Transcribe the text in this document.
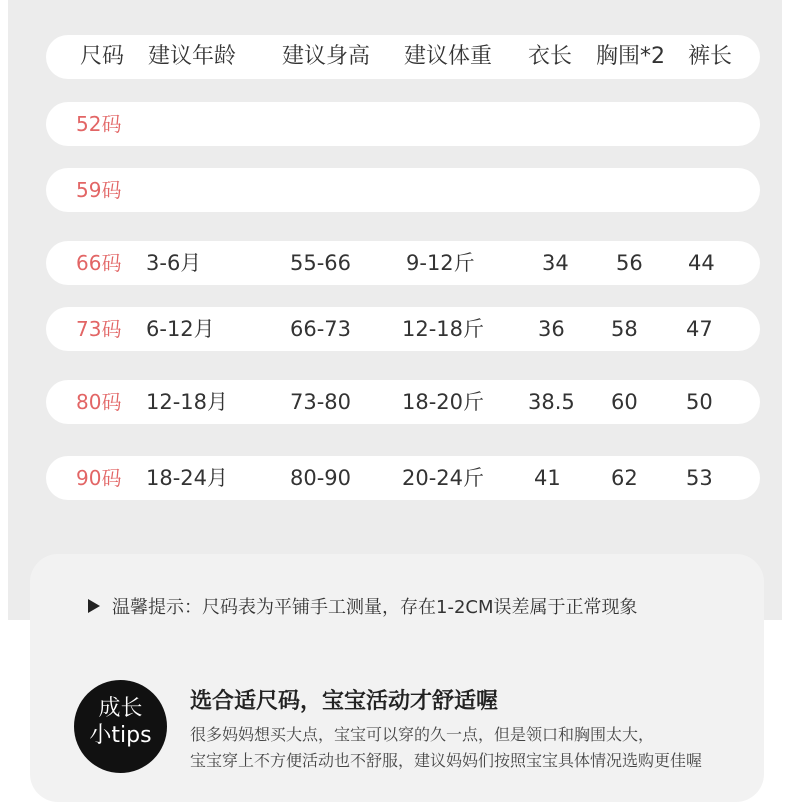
尺码 建议年龄 建议身高 建议体重 衣长 胸围*2 裤长
52码
59码
66码 3-6月	55-66	9-12斤	34 56 44
73码 6-12月	66-73 12-18斤	36 58 47
80码 12-18月	73-80 18-20斤 38.5 60 50
90码 18-24月	80-90 20-24斤 41 62 53
温馨提示：尺码表为平铺手工测量，存在1-2CM误差属于正常现象
成长
小tips
选合适尺码，宝宝活动才舒适喔
很多妈妈想买大点，宝宝可以穿的久一点，但是领口和胸围太大，
宝宝穿上不方便活动也不舒服，建议妈妈们按照宝宝具体情况选购更佳喔
